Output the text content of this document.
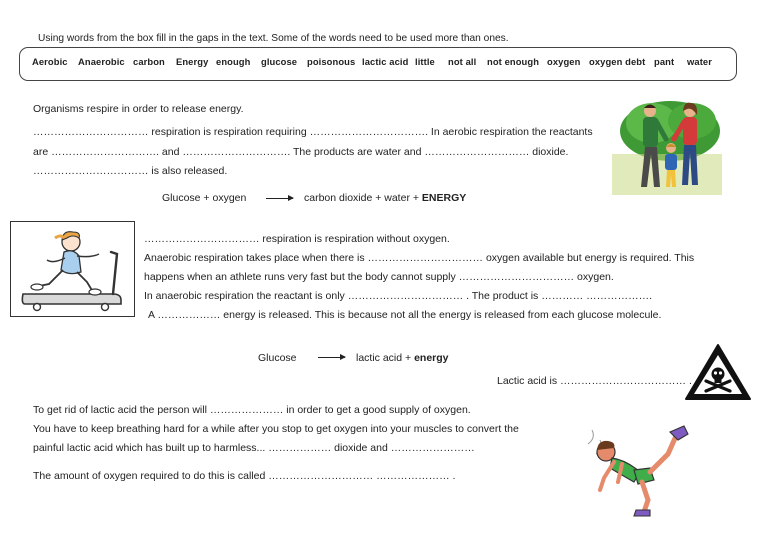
Using words from the box fill in the gaps in the text. Some of the words need to be used more than ones.
Aerobic Anaerobic carbon Energy enough glucose poisonous lactic acid little not all not enough oxygen oxygen debt pant water
Organisms respire in order to release energy.
…………………………… respiration is respiration requiring ……………………………. In aerobic respiration the reactants
are …………………………. and …………………………. The products are water and ………………………… dioxide.
…………………………… is also released.
Glucose + oxygen	carbon dioxide + water + ENERGY
…………………………… respiration is respiration without oxygen.
Anaerobic respiration takes place when there is …………………………… oxygen available but energy is required. This
happens when an athlete runs very fast but the body cannot supply …………………………… oxygen.
In anaerobic respiration the reactant is only …………………………… . The product is ………… ……………….
A ……………… energy is released. This is because not all the energy is released from each glucose molecule.
Glucose	lactic acid + energy
Lactic acid is ……………………………… .
To get rid of lactic acid the person will ………………… in order to get a good supply of oxygen.
You have to keep breathing hard for a while after you stop to get oxygen into your muscles to convert the
painful lactic acid which has built up to harmless... ……………… dioxide and ……………………
The amount of oxygen required to do this is called ………………………… ………………… .
